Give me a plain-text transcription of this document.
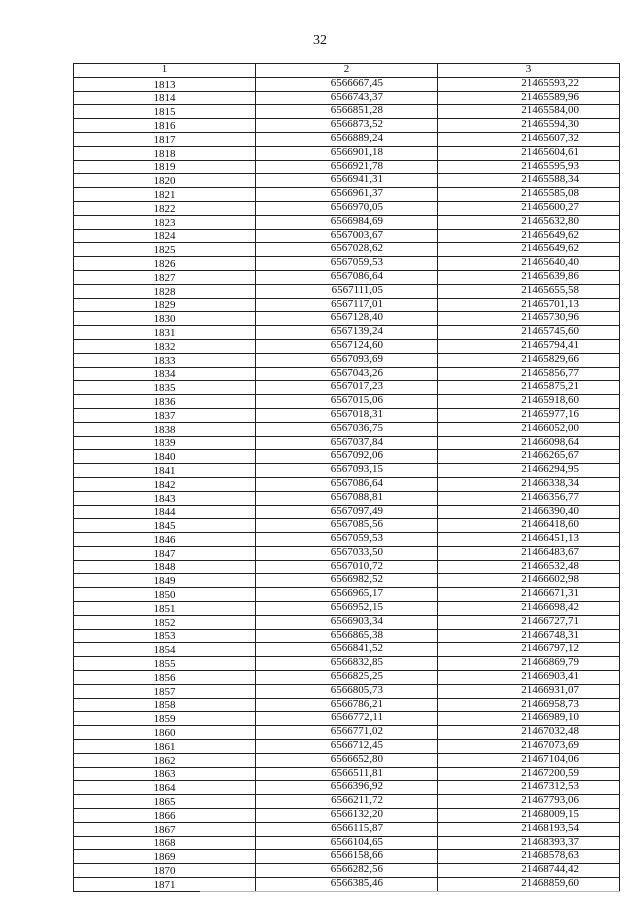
32
1	2	3
1813	6566667,45	21465593,22
1814	6566743,37	21465589,96
1815	6566851,28	21465584,00
1816	6566873,52	21465594,30
1817	6566889,24	21465607,32
1818	6566901,18	21465604,61
1819	6566921,78	21465595,93
1820	6566941,31	21465588,34
1821	6566961,37	21465585,08
1822	6566970,05	21465600,27
1823	6566984,69	21465632,80
1824	6567003,67	21465649,62
1825	6567028,62	21465649,62
1826	6567059,53	21465640,40
1827	6567086,64	21465639,86
1828	6567111,05	21465655,58
1829	6567117,01	21465701,13
1830	6567128,40	21465730,96
1831	6567139,24	21465745,60
1832	6567124,60	21465794,41
1833	6567093,69	21465829,66
1834	6567043,26	21465856,77
1835	6567017,23	21465875,21
1836	6567015,06	21465918,60
1837	6567018,31	21465977,16
1838	6567036,75	21466052,00
1839	6567037,84	21466098,64
1840	6567092,06	21466265,67
1841	6567093,15	21466294,95
1842	6567086,64	21466338,34
1843	6567088,81	21466356,77
1844	6567097,49	21466390,40
1845	6567085,56	21466418,60
1846	6567059,53	21466451,13
1847	6567033,50	21466483,67
1848	6567010,72	21466532,48
1849	6566982,52	21466602,98
1850	6566965,17	21466671,31
1851	6566952,15	21466698,42
1852	6566903,34	21466727,71
1853	6566865,38	21466748,31
1854	6566841,52	21466797,12
1855	6566832,85	21466869,79
1856	6566825,25	21466903,41
1857	6566805,73	21466931,07
1858	6566786,21	21466958,73
1859	6566772,11	21466989,10
1860	6566771,02	21467032,48
1861	6566712,45	21467073,69
1862	6566652,80	21467104,06
1863	6566511,81	21467200,59
1864	6566396,92	21467312,53
1865	6566211,72	21467793,06
1866	6566132,20	21468009,15
1867	6566115,87	21468193,54
1868	6566104,65	21468393,37
1869	6566158,66	21468578,63
1870	6566282,56	21468744,42
1871	6566385,46	21468859,60
